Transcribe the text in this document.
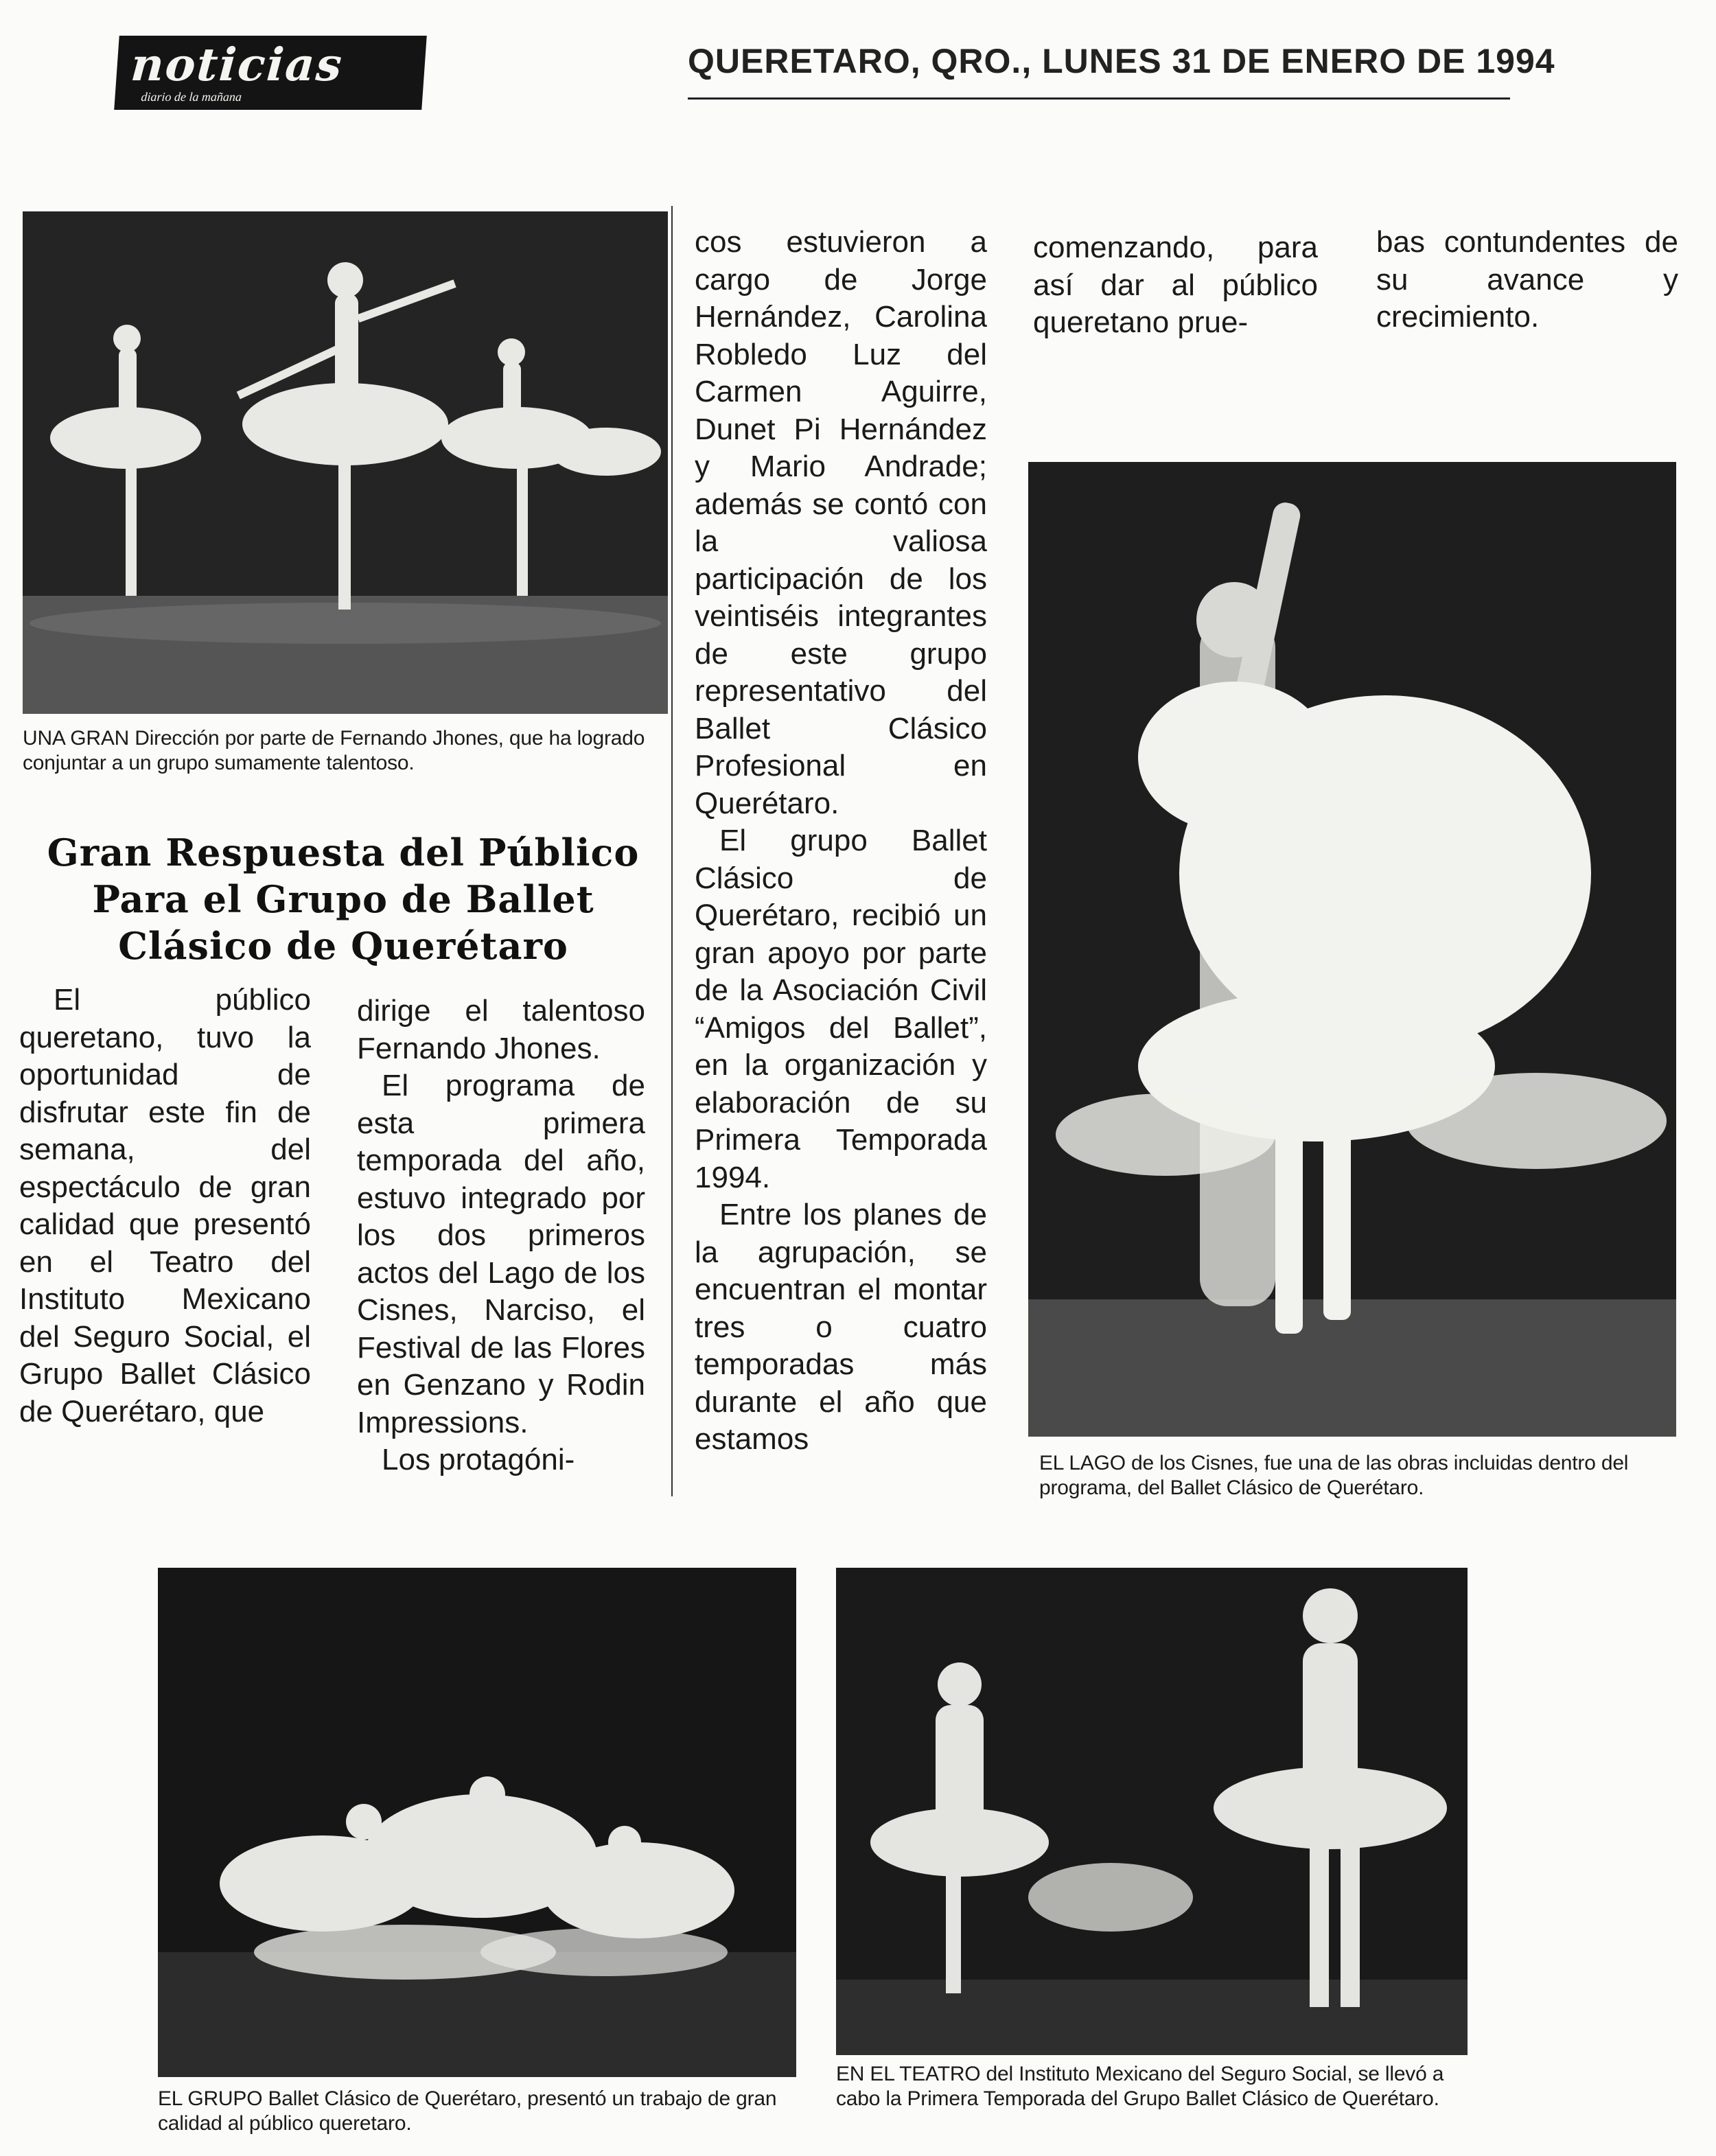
noticias
diario de la mañana
QUERETARO, QRO., LUNES 31 DE ENERO DE 1994
UNA GRAN Dirección por parte de Fernando Jhones, que ha logrado conjuntar a un grupo sumamente talentoso.
Gran Respuesta del Público Para el Grupo de Ballet Clásico de Querétaro

El público queretano, tuvo la oportunidad de disfrutar este fin de semana, del espectáculo de gran calidad que presentó en el Teatro del Instituto Mexicano del Seguro Social, el Grupo Ballet Clásico de Querétaro, que

dirige el talentoso Fernando Jhones.

El programa de esta primera temporada del año, estuvo integrado por los dos primeros actos del Lago de los Cisnes, Narciso, el Festival de las Flores en Genzano y Rodin Impressions.

Los protagóni-

cos estuvieron a cargo de Jorge Hernández, Carolina Robledo Luz del Carmen Aguirre, Dunet Pi Hernández y Mario Andrade; además se contó con la valiosa participación de los veintiséis integrantes de este grupo representativo del Ballet Clásico Profesional en Querétaro.

El grupo Ballet Clásico de Querétaro, recibió un gran apoyo por parte de la Asociación Civil “Amigos del Ballet”, en la organización y elaboración de su Primera Temporada 1994.

Entre los planes de la agrupación, se encuentran el montar tres o cuatro temporadas más durante el año que estamos

comenzando, para así dar al público queretano prue-

bas contundentes de su avance y crecimiento.

EL LAGO de los Cisnes, fue una de las obras incluidas dentro del programa, del Ballet Clásico de Querétaro.
EL GRUPO Ballet Clásico de Querétaro, presentó un trabajo de gran calidad al público queretaro.
EN EL TEATRO del Instituto Mexicano del Seguro Social, se llevó a cabo la Primera Temporada del Grupo Ballet Clásico de Querétaro.
